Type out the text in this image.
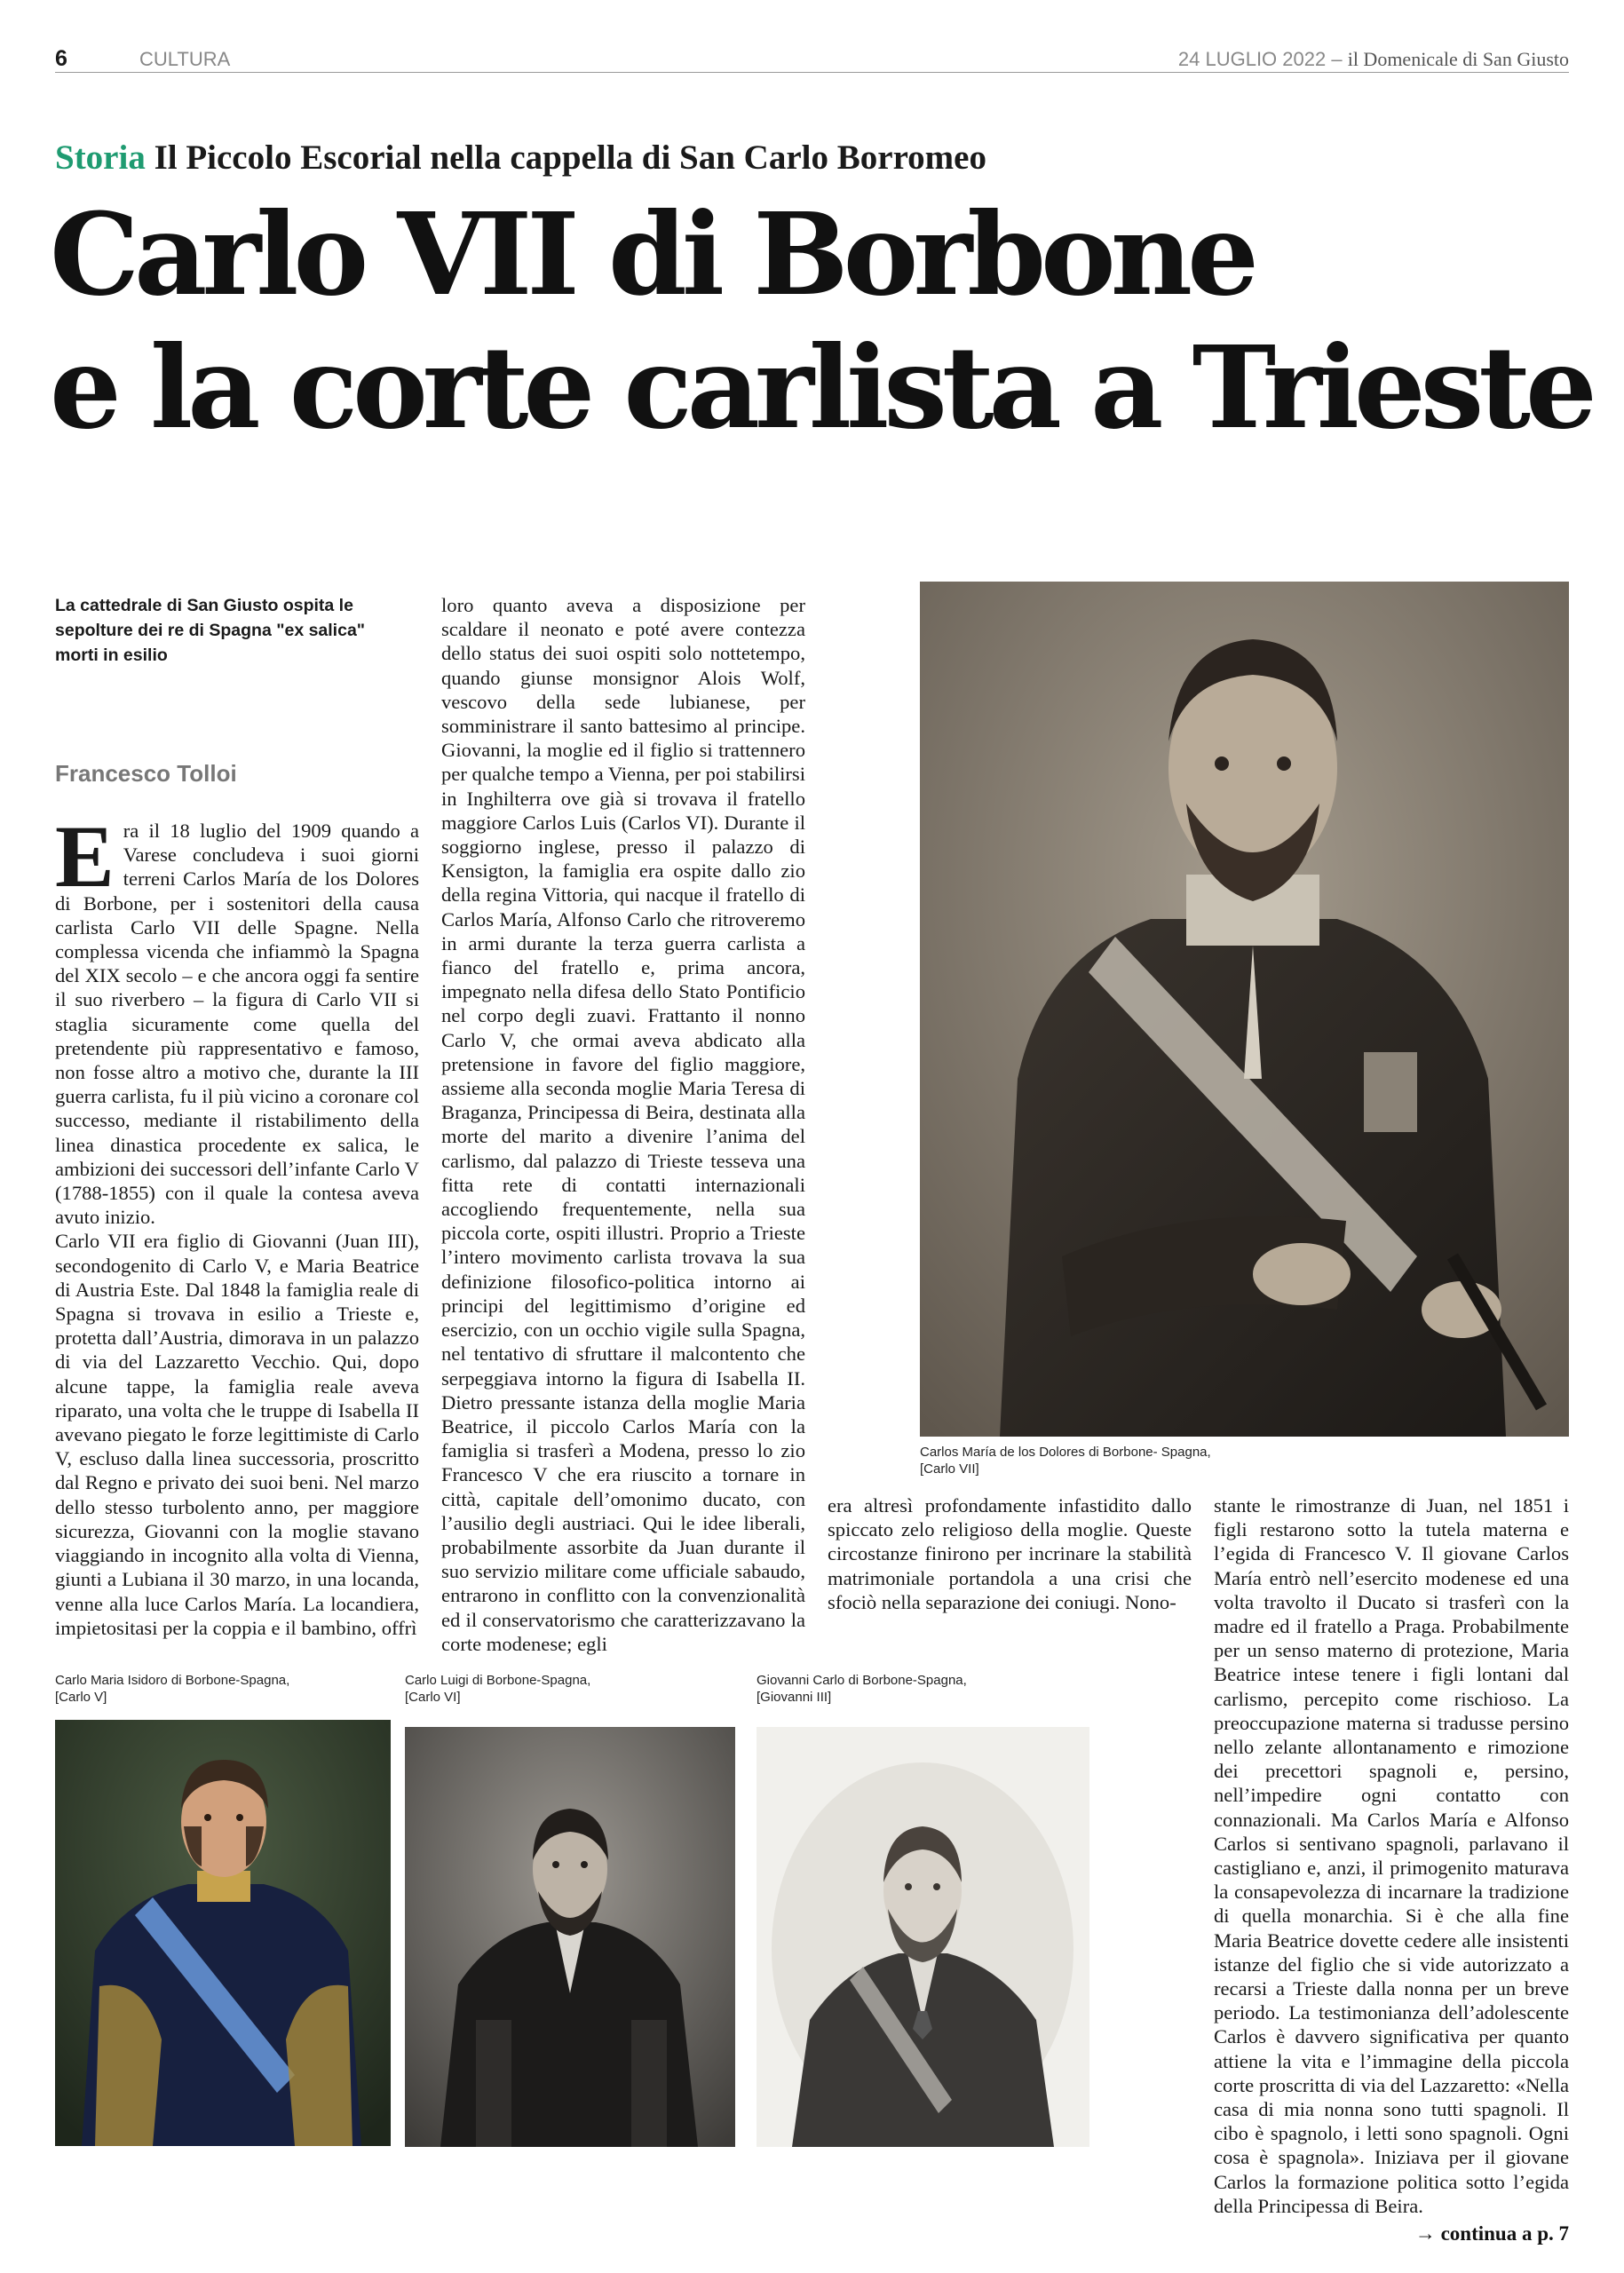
6	CULTURA	24 LUGLIO 2022 – il Domenicale di San Giusto
Storia Il Piccolo Escorial nella cappella di San Carlo Borromeo
Carlo VII di Borbone
e la corte carlista a Trieste
La cattedrale di San Giusto ospita le sepolture dei re di Spagna "ex salica" morti in esilio
Francesco Tolloi

Era il 18 luglio del 1909 quando a Varese concludeva i suoi giorni terreni Carlos María de los Dolores di Borbone, per i sostenitori della causa carlista Carlo VII delle Spagne. Nella complessa vicenda che infiammò la Spagna del XIX secolo – e che ancora oggi fa sentire il suo riverbero – la figura di Carlo VII si staglia sicuramente come quella del pretendente più rappresentativo e famoso, non fosse altro a motivo che, durante la III guerra carlista, fu il più vicino a coronare col successo, mediante il ristabilimento della linea dinastica procedente ex salica, le ambizioni dei successori dell’infante Carlo V (1788-1855) con il quale la contesa aveva avuto inizio.

Carlo VII era figlio di Giovanni (Juan III), secondogenito di Carlo V, e Maria Beatrice di Austria Este. Dal 1848 la famiglia reale di Spagna si trovava in esilio a Trieste e, protetta dall’Austria, dimorava in un palazzo di via del Lazzaretto Vecchio. Qui, dopo alcune tappe, la famiglia reale aveva riparato, una volta che le truppe di Isabella II avevano piegato le forze legittimiste di Carlo V, escluso dalla linea successoria, proscritto dal Regno e privato dei suoi beni. Nel marzo dello stesso turbolento anno, per maggiore sicurezza, Giovanni con la moglie stavano viaggiando in incognito alla volta di Vienna, giunti a Lubiana il 30 marzo, in una locanda, venne alla luce Carlos María. La locandiera, impietositasi per la coppia e il bambino, offrì

loro quanto aveva a disposizione per scaldare il neonato e poté avere contezza dello status dei suoi ospiti solo nottetempo, quando giunse monsignor Alois Wolf, vescovo della sede lubianese, per somministrare il santo battesimo al principe. Giovanni, la moglie ed il figlio si trattennero per qualche tempo a Vienna, per poi stabilirsi in Inghilterra ove già si trovava il fratello maggiore Carlos Luis (Carlos VI). Durante il soggiorno inglese, presso il palazzo di Kensigton, la famiglia era ospite dallo zio della regina Vittoria, qui nacque il fratello di Carlos María, Alfonso Carlo che ritroveremo in armi durante la terza guerra carlista a fianco del fratello e, prima ancora, impegnato nella difesa dello Stato Pontificio nel corpo degli zuavi. Frattanto il nonno Carlo V, che ormai aveva abdicato alla pretensione in favore del figlio maggiore, assieme alla seconda moglie Maria Teresa di Braganza, Principessa di Beira, destinata alla morte del marito a divenire l’anima del carlismo, dal palazzo di Trieste tesseva una fitta rete di contatti internazionali accogliendo frequentemente, nella sua piccola corte, ospiti illustri. Proprio a Trieste l’intero movimento carlista trovava la sua definizione filosofico-politica intorno ai principi del legittimismo d’origine ed esercizio, con un occhio vigile sulla Spagna, nel tentativo di sfruttare il malcontento che serpeggiava intorno la figura di Isabella II. Dietro pressante istanza della moglie Maria Beatrice, il piccolo Carlos María con la famiglia si trasferì a Modena, presso lo zio Francesco V che era riuscito a tornare in città, capitale dell’omonimo ducato, con l’ausilio degli austriaci. Qui le idee liberali, probabilmente assorbite da Juan durante il suo servizio militare come ufficiale sabaudo, entrarono in conflitto con la convenzionalità ed il conservatorismo che caratterizzavano la corte modenese; egli

Carlos María de los Dolores di Borbone- Spagna,
[Carlo VII]

era altresì profondamente infastidito dallo spiccato zelo religioso della moglie. Queste circostanze finirono per incrinare la stabilità matrimoniale portandola a una crisi che sfociò nella separazione dei coniugi. Nono-

stante le rimostranze di Juan, nel 1851 i figli restarono sotto la tutela materna e l’egida di Francesco V. Il giovane Carlos María entrò nell’esercito modenese ed una volta travolto il Ducato si trasferì con la madre ed il fratello a Praga. Probabilmente per un senso materno di protezione, Maria Beatrice intese tenere i figli lontani dal carlismo, percepito come rischioso. La preoccupazione materna si tradusse persino nello zelante allontanamento e rimozione dei precettori spagnoli e, persino, nell’impedire ogni contatto con connazionali. Ma Carlos María e Alfonso Carlos si sentivano spagnoli, parlavano il castigliano e, anzi, il primogenito maturava la consapevolezza di incarnare la tradizione di quella monarchia. Si è che alla fine Maria Beatrice dovette cedere alle insistenti istanze del figlio che si vide autorizzato a recarsi a Trieste dalla nonna per un breve periodo. La testimonianza dell’adolescente Carlos è davvero significativa per quanto attiene la vita e l’immagine della piccola corte proscritta di via del Lazzaretto: «Nella casa di mia nonna sono tutti spagnoli. Il cibo è spagnolo, i letti sono spagnoli. Ogni cosa è spagnola». Iniziava per il giovane Carlos la formazione politica sotto l’egida della Principessa di Beira.

Carlo Maria Isidoro di Borbone-Spagna,
[Carlo V]
Carlo Luigi di Borbone-Spagna,
[Carlo VI]
Giovanni Carlo di Borbone-Spagna,
[Giovanni III]
→ continua a p. 7
